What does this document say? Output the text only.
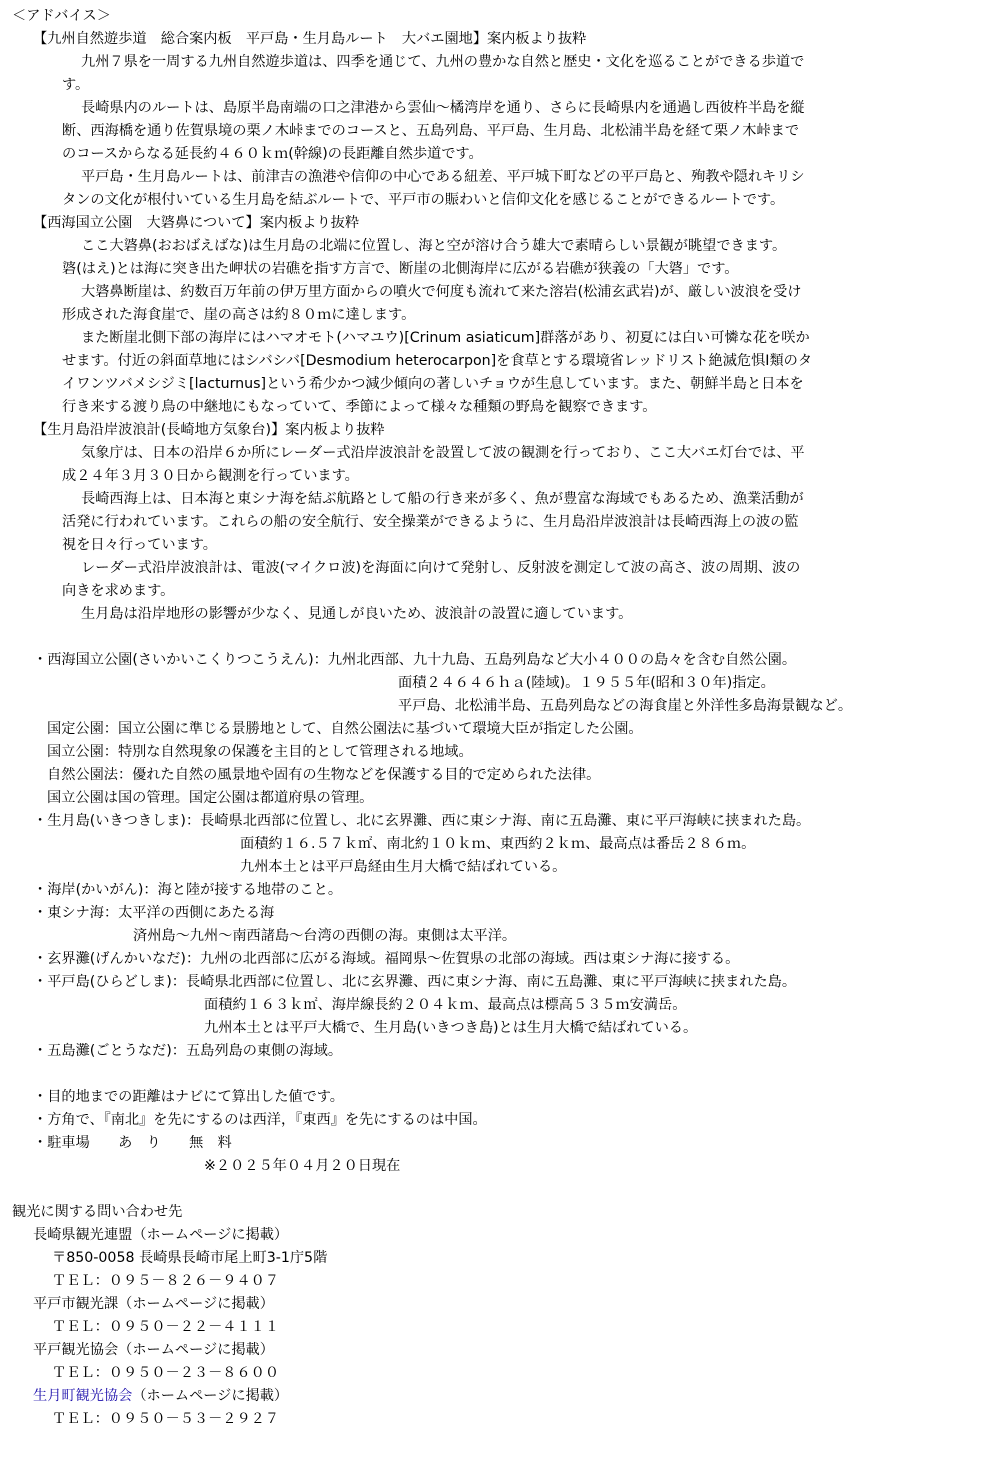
＜アドバイス＞
【九州自然遊歩道　総合案内板　平戸島・生月島ルート　大バエ園地】案内板より抜粋
九州７県を一周する九州自然遊歩道は、四季を通じて、九州の豊かな自然と歴史・文化を巡ることができる歩道で
す。
長崎県内のルートは、島原半島南端の口之津港から雲仙〜橘湾岸を通り、さらに長崎県内を通過し西彼杵半島を縦
断、西海橋を通り佐賀県境の栗ノ木峠までのコースと、五島列島、平戸島、生月島、北松浦半島を経て栗ノ木峠まで
のコースからなる延長約４６０ｋｍ(幹線)の長距離自然歩道です。
平戸島・生月島ルートは、前津吉の漁港や信仰の中心である紐差、平戸城下町などの平戸島と、殉教や隠れキリシ
タンの文化が根付いている生月島を結ぶルートで、平戸市の賑わいと信仰文化を感じることができるルートです。
【西海国立公園　大碆鼻について】案内板より抜粋
ここ大碆鼻(おおばえばな)は生月島の北端に位置し、海と空が溶け合う雄大で素晴らしい景観が眺望できます。
碆(はえ)とは海に突き出た岬状の岩礁を指す方言で、断崖の北側海岸に広がる岩礁が狭義の「大碆」です。
大碆鼻断崖は、約数百万年前の伊万里方面からの噴火で何度も流れて来た溶岩(松浦玄武岩)が、厳しい波浪を受け
形成された海食崖で、崖の高さは約８０ｍに達します。
また断崖北側下部の海岸にはハマオモト(ハマユウ)[Crinum asiaticum]群落があり、初夏には白い可憐な花を咲か
せます。付近の斜面草地にはシバシバ[Desmodium heterocarpon]を食草とする環境省レッドリスト絶滅危惧Ⅰ類のタ
イワンツバメシジミ[lacturnus]という希少かつ減少傾向の著しいチョウが生息しています。また、朝鮮半島と日本を
行き来する渡り鳥の中継地にもなっていて、季節によって様々な種類の野鳥を観察できます。
【生月島沿岸波浪計(長崎地方気象台)】案内板より抜粋
気象庁は、日本の沿岸６か所にレーダー式沿岸波浪計を設置して波の観測を行っており、ここ大バエ灯台では、平
成２４年３月３０日から観測を行っています。
長崎西海上は、日本海と東シナ海を結ぶ航路として船の行き来が多く、魚が豊富な海域でもあるため、漁業活動が
活発に行われています。これらの船の安全航行、安全操業ができるように、生月島沿岸波浪計は長崎西海上の波の監
視を日々行っています。
レーダー式沿岸波浪計は、電波(マイクロ波)を海面に向けて発射し、反射波を測定して波の高さ、波の周期、波の
向きを求めます。
生月島は沿岸地形の影響が少なく、見通しが良いため、波浪計の設置に適しています。
・西海国立公園(さいかいこくりつこうえん)：九州北西部、九十九島、五島列島など大小４００の島々を含む自然公園。
面積２４６４６ｈａ(陸域)。１９５５年(昭和３０年)指定。
平戸島、北松浦半島、五島列島などの海食崖と外洋性多島海景観など。
国定公園：国立公園に準じる景勝地として、自然公園法に基づいて環境大臣が指定した公園。
国立公園：特別な自然現象の保護を主目的として管理される地域。
自然公園法：優れた自然の風景地や固有の生物などを保護する目的で定められた法律。
国立公園は国の管理。国定公園は都道府県の管理。
・生月島(いきつきしま)：長崎県北西部に位置し、北に玄界灘、西に東シナ海、南に五島灘、東に平戸海峡に挟まれた島。
面積約１６.５７ｋ㎡、南北約１０ｋｍ、東西約２ｋｍ、最高点は番岳２８６ｍ。
九州本土とは平戸島経由生月大橋で結ばれている。
・海岸(かいがん)：海と陸が接する地帯のこと。
・東シナ海：太平洋の西側にあたる海
済州島〜九州〜南西諸島〜台湾の西側の海。東側は太平洋。
・玄界灘(げんかいなだ)：九州の北西部に広がる海域。福岡県〜佐賀県の北部の海域。西は東シナ海に接する。
・平戸島(ひらどしま)：長崎県北西部に位置し、北に玄界灘、西に東シナ海、南に五島灘、東に平戸海峡に挟まれた島。
面積約１６３ｋ㎡、海岸線長約２０４ｋｍ、最高点は標高５３５ｍ安満岳。
九州本土とは平戸大橋で、生月島(いきつき島)とは生月大橋で結ばれている。
・五島灘(ごとうなだ)：五島列島の東側の海域。
・目的地までの距離はナビにて算出した値です。
・方角で、『南北』を先にするのは西洋，『東西』を先にするのは中国。
・駐車場　　あ　り　　無　料
※２０２５年０４月２０日現在
観光に関する問い合わせ先
長崎県観光連盟（ホームページに掲載）
〒850-0058 長崎県長崎市尾上町3-1庁5階
ＴＥＬ：０９５－８２６－９４０７
平戸市観光課（ホームページに掲載）
ＴＥＬ：０９５０－２２－４１１１
平戸観光協会（ホームページに掲載）
ＴＥＬ：０９５０－２３－８６００
生月町観光協会（ホームページに掲載）
ＴＥＬ：０９５０－５３－２９２７
